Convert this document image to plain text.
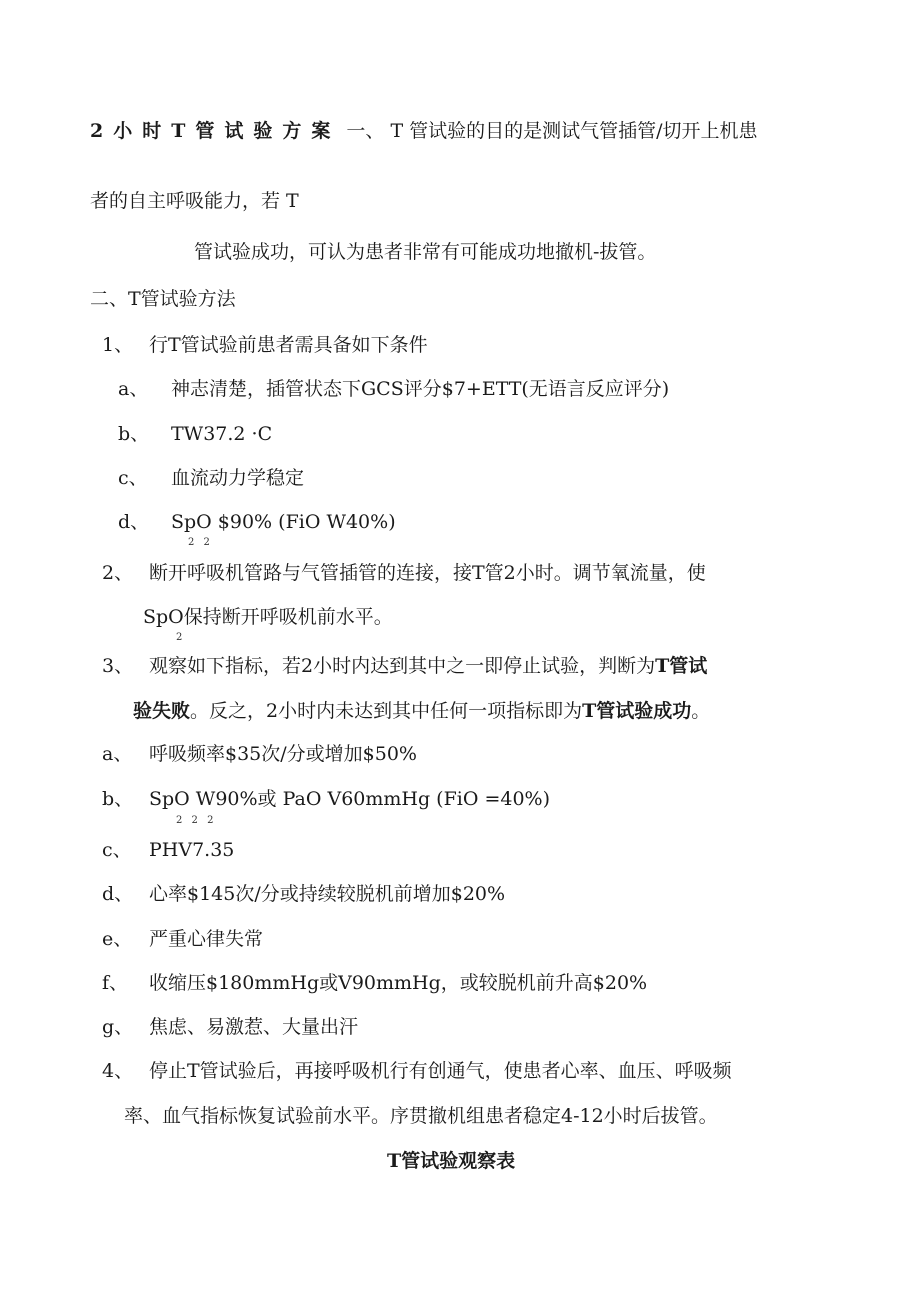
2小时T管试验方案 一、 T 管试验的目的是测试气管插管/切开上机患
者的自主呼吸能力，若 T
管试验成功，可认为患者非常有可能成功地撤机-拔管。
二、T管试验方法
1、 行T管试验前患者需具备如下条件
a、 神志清楚，插管状态下GCS评分$7+ETT(无语言反应评分)
b、 TW37.2 ·C
c、 血流动力学稳定
d、 SpO $90% (FiO W40%)
2 2
2、 断开呼吸机管路与气管插管的连接，接T管2小时。调节氧流量，使
SpO保持断开呼吸机前水平。
2
3、 观察如下指标，若2小时内达到其中之一即停止试验，判断为T管试
验失败。反之，2小时内未达到其中任何一项指标即为T管试验成功。
a、 呼吸频率$35次/分或增加$50%
b、 SpO W90%或 PaO V60mmHg (FiO =40%)
2 2 2
c、 PHV7.35
d、 心率$145次/分或持续较脱机前增加$20%
e、 严重心律失常
f、 收缩压$180mmHg或V90mmHg，或较脱机前升高$20%
g、 焦虑、易激惹、大量出汗
4、 停止T管试验后，再接呼吸机行有创通气，使患者心率、血压、呼吸频
率、血气指标恢复试验前水平。序贯撤机组患者稳定4-12小时后拔管。
T管试验观察表
